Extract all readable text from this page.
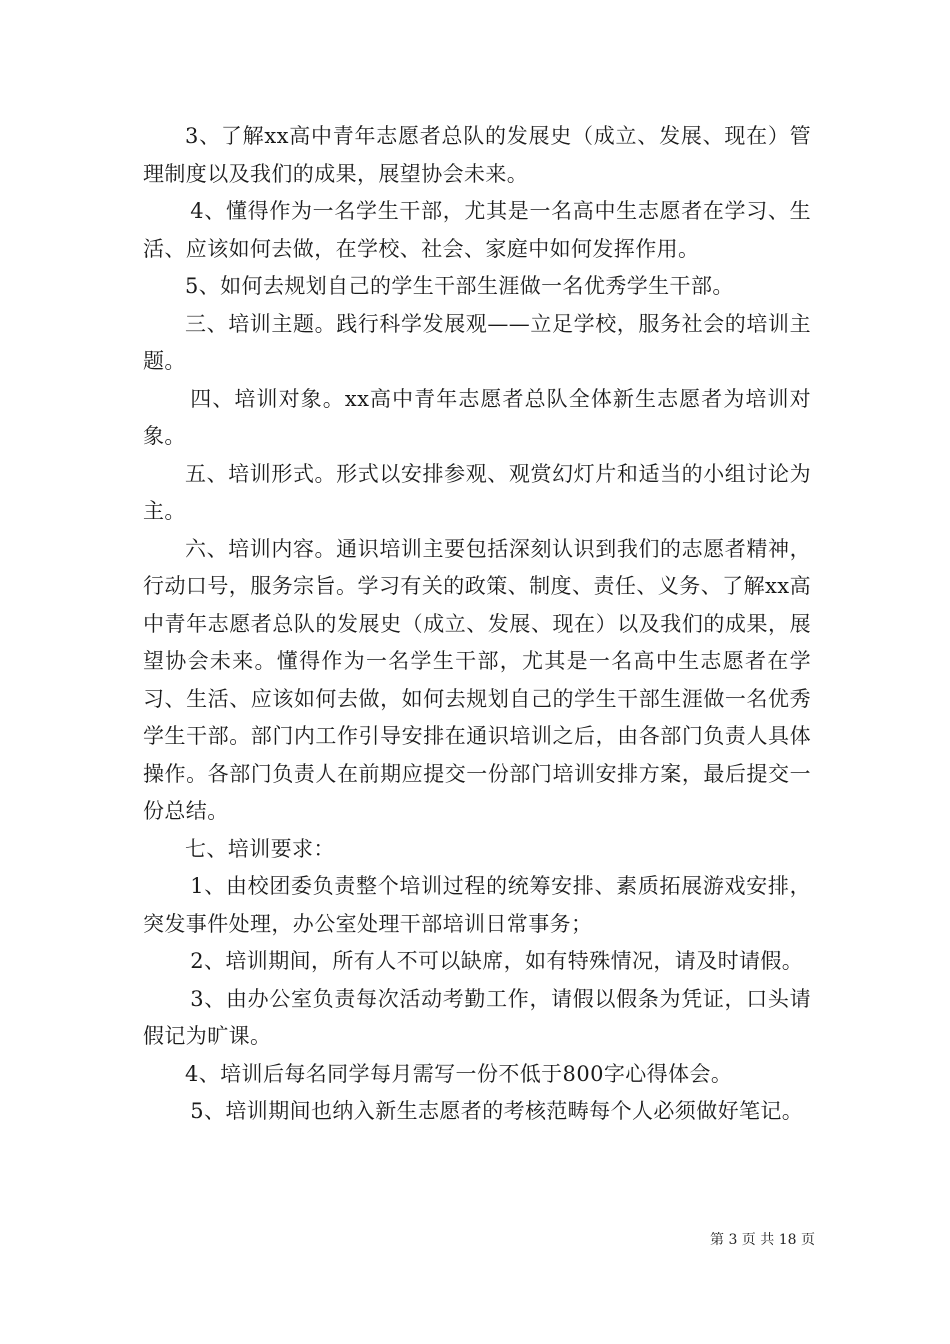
3、了解xx高中青年志愿者总队的发展史（成立、发展、现在）管理制度以及我们的成果，展望协会未来。

4、懂得作为一名学生干部，尤其是一名高中生志愿者在学习、生活、应该如何去做，在学校、社会、家庭中如何发挥作用。

5、如何去规划自己的学生干部生涯做一名优秀学生干部。

三、培训主题。践行科学发展观——立足学校，服务社会的培训主题。

四、培训对象。xx高中青年志愿者总队全体新生志愿者为培训对象。

五、培训形式。形式以安排参观、观赏幻灯片和适当的小组讨论为主。

六、培训内容。通识培训主要包括深刻认识到我们的志愿者精神，行动口号，服务宗旨。学习有关的政策、制度、责任、义务、了解xx高中青年志愿者总队的发展史（成立、发展、现在）以及我们的成果，展望协会未来。懂得作为一名学生干部，尤其是一名高中生志愿者在学习、生活、应该如何去做，如何去规划自己的学生干部生涯做一名优秀学生干部。部门内工作引导安排在通识培训之后，由各部门负责人具体操作。各部门负责人在前期应提交一份部门培训安排方案，最后提交一份总结。

七、培训要求：

1、由校团委负责整个培训过程的统筹安排、素质拓展游戏安排，突发事件处理，办公室处理干部培训日常事务；

2、培训期间，所有人不可以缺席，如有特殊情况，请及时请假。

3、由办公室负责每次活动考勤工作，请假以假条为凭证，口头请假记为旷课。

4、培训后每名同学每月需写一份不低于800字心得体会。

5、培训期间也纳入新生志愿者的考核范畴每个人必须做好笔记。

第 3 页 共 18 页
